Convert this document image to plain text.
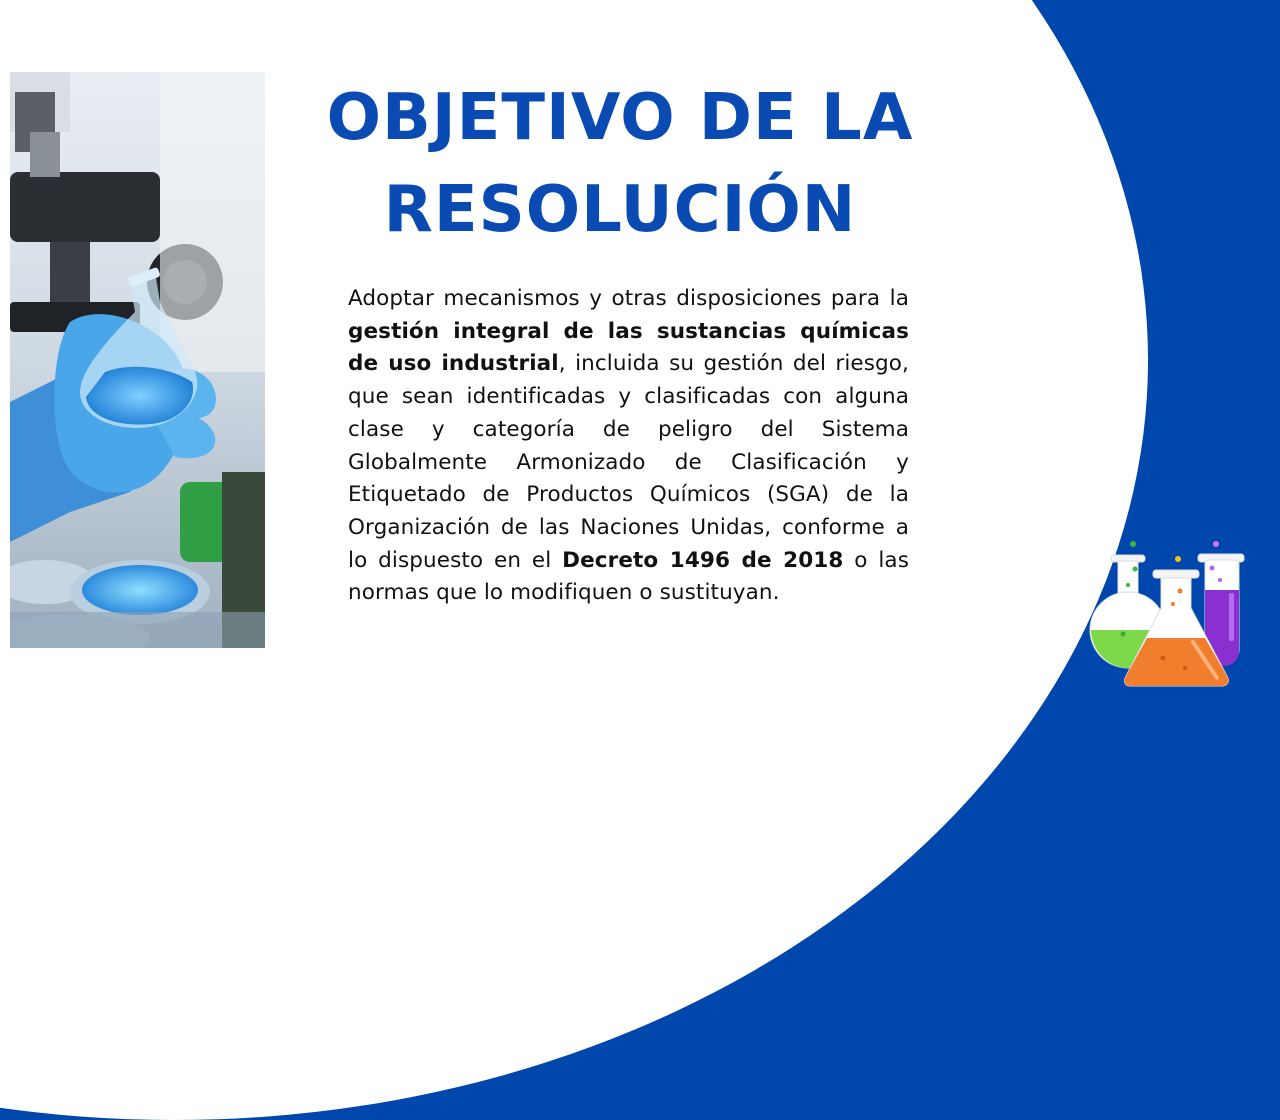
OBJETIVO DE LA
RESOLUCIÓN
Adoptar mecanismos y otras disposiciones para la gestión integral de las sustancias químicas de uso industrial, incluida su gestión del riesgo, que sean identificadas y clasificadas con alguna clase y categoría de peligro del Sistema Globalmente Armonizado de Clasificación y Etiquetado de Productos Químicos (SGA) de la Organización de las Naciones Unidas, conforme a lo dispuesto en el Decreto 1496 de 2018 o las normas que lo modifiquen o sustituyan.
